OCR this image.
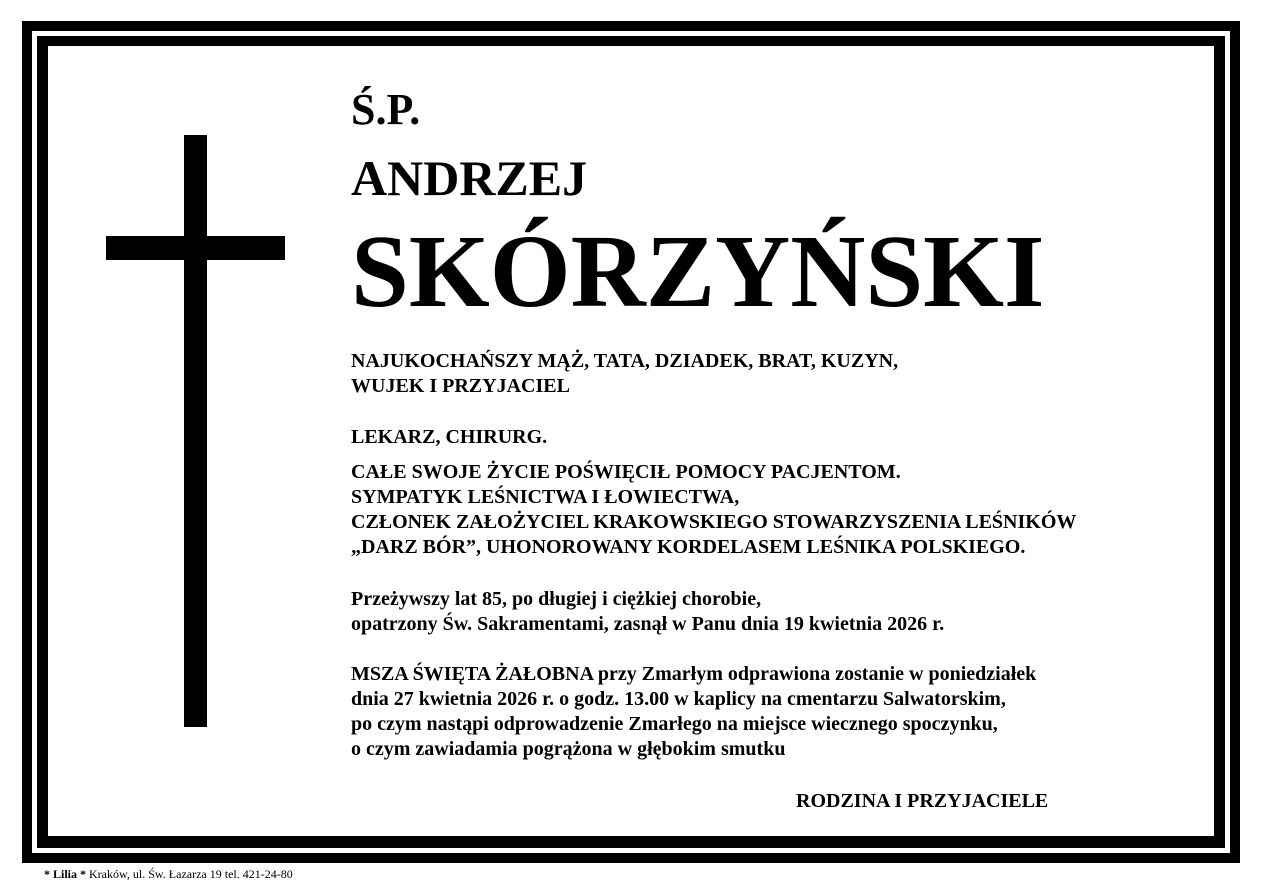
Ś.P.

ANDRZEJ

SKÓRZYŃSKI

NAJUKOCHAŃSZY MĄŻ, TATA, DZIADEK, BRAT, KUZYN,
WUJEK I PRZYJACIEL
LEKARZ, CHIRURG.
CAŁE SWOJE ŻYCIE POŚWIĘCIŁ POMOCY PACJENTOM.
SYMPATYK LEŚNICTWA I ŁOWIECTWA,
CZŁONEK ZAŁOŻYCIEL KRAKOWSKIEGO STOWARZYSZENIA LEŚNIKÓW
„DARZ BÓR”, UHONOROWANY KORDELASEM LEŚNIKA POLSKIEGO.
Przeżywszy lat 85, po długiej i ciężkiej chorobie,
opatrzony Św. Sakramentami, zasnął w Panu dnia 19 kwietnia 2026 r.
MSZA ŚWIĘTA ŻAŁOBNA przy Zmarłym odprawiona zostanie w poniedziałek
dnia 27 kwietnia 2026 r. o godz. 13.00 w kaplicy na cmentarzu Salwatorskim,
po czym nastąpi odprowadzenie Zmarłego na miejsce wiecznego spoczynku,
o czym zawiadamia pogrążona w głębokim smutku

RODZINA I PRZYJACIELE

* Lilia * Kraków, ul. Św. Łazarza 19 tel. 421-24-80
